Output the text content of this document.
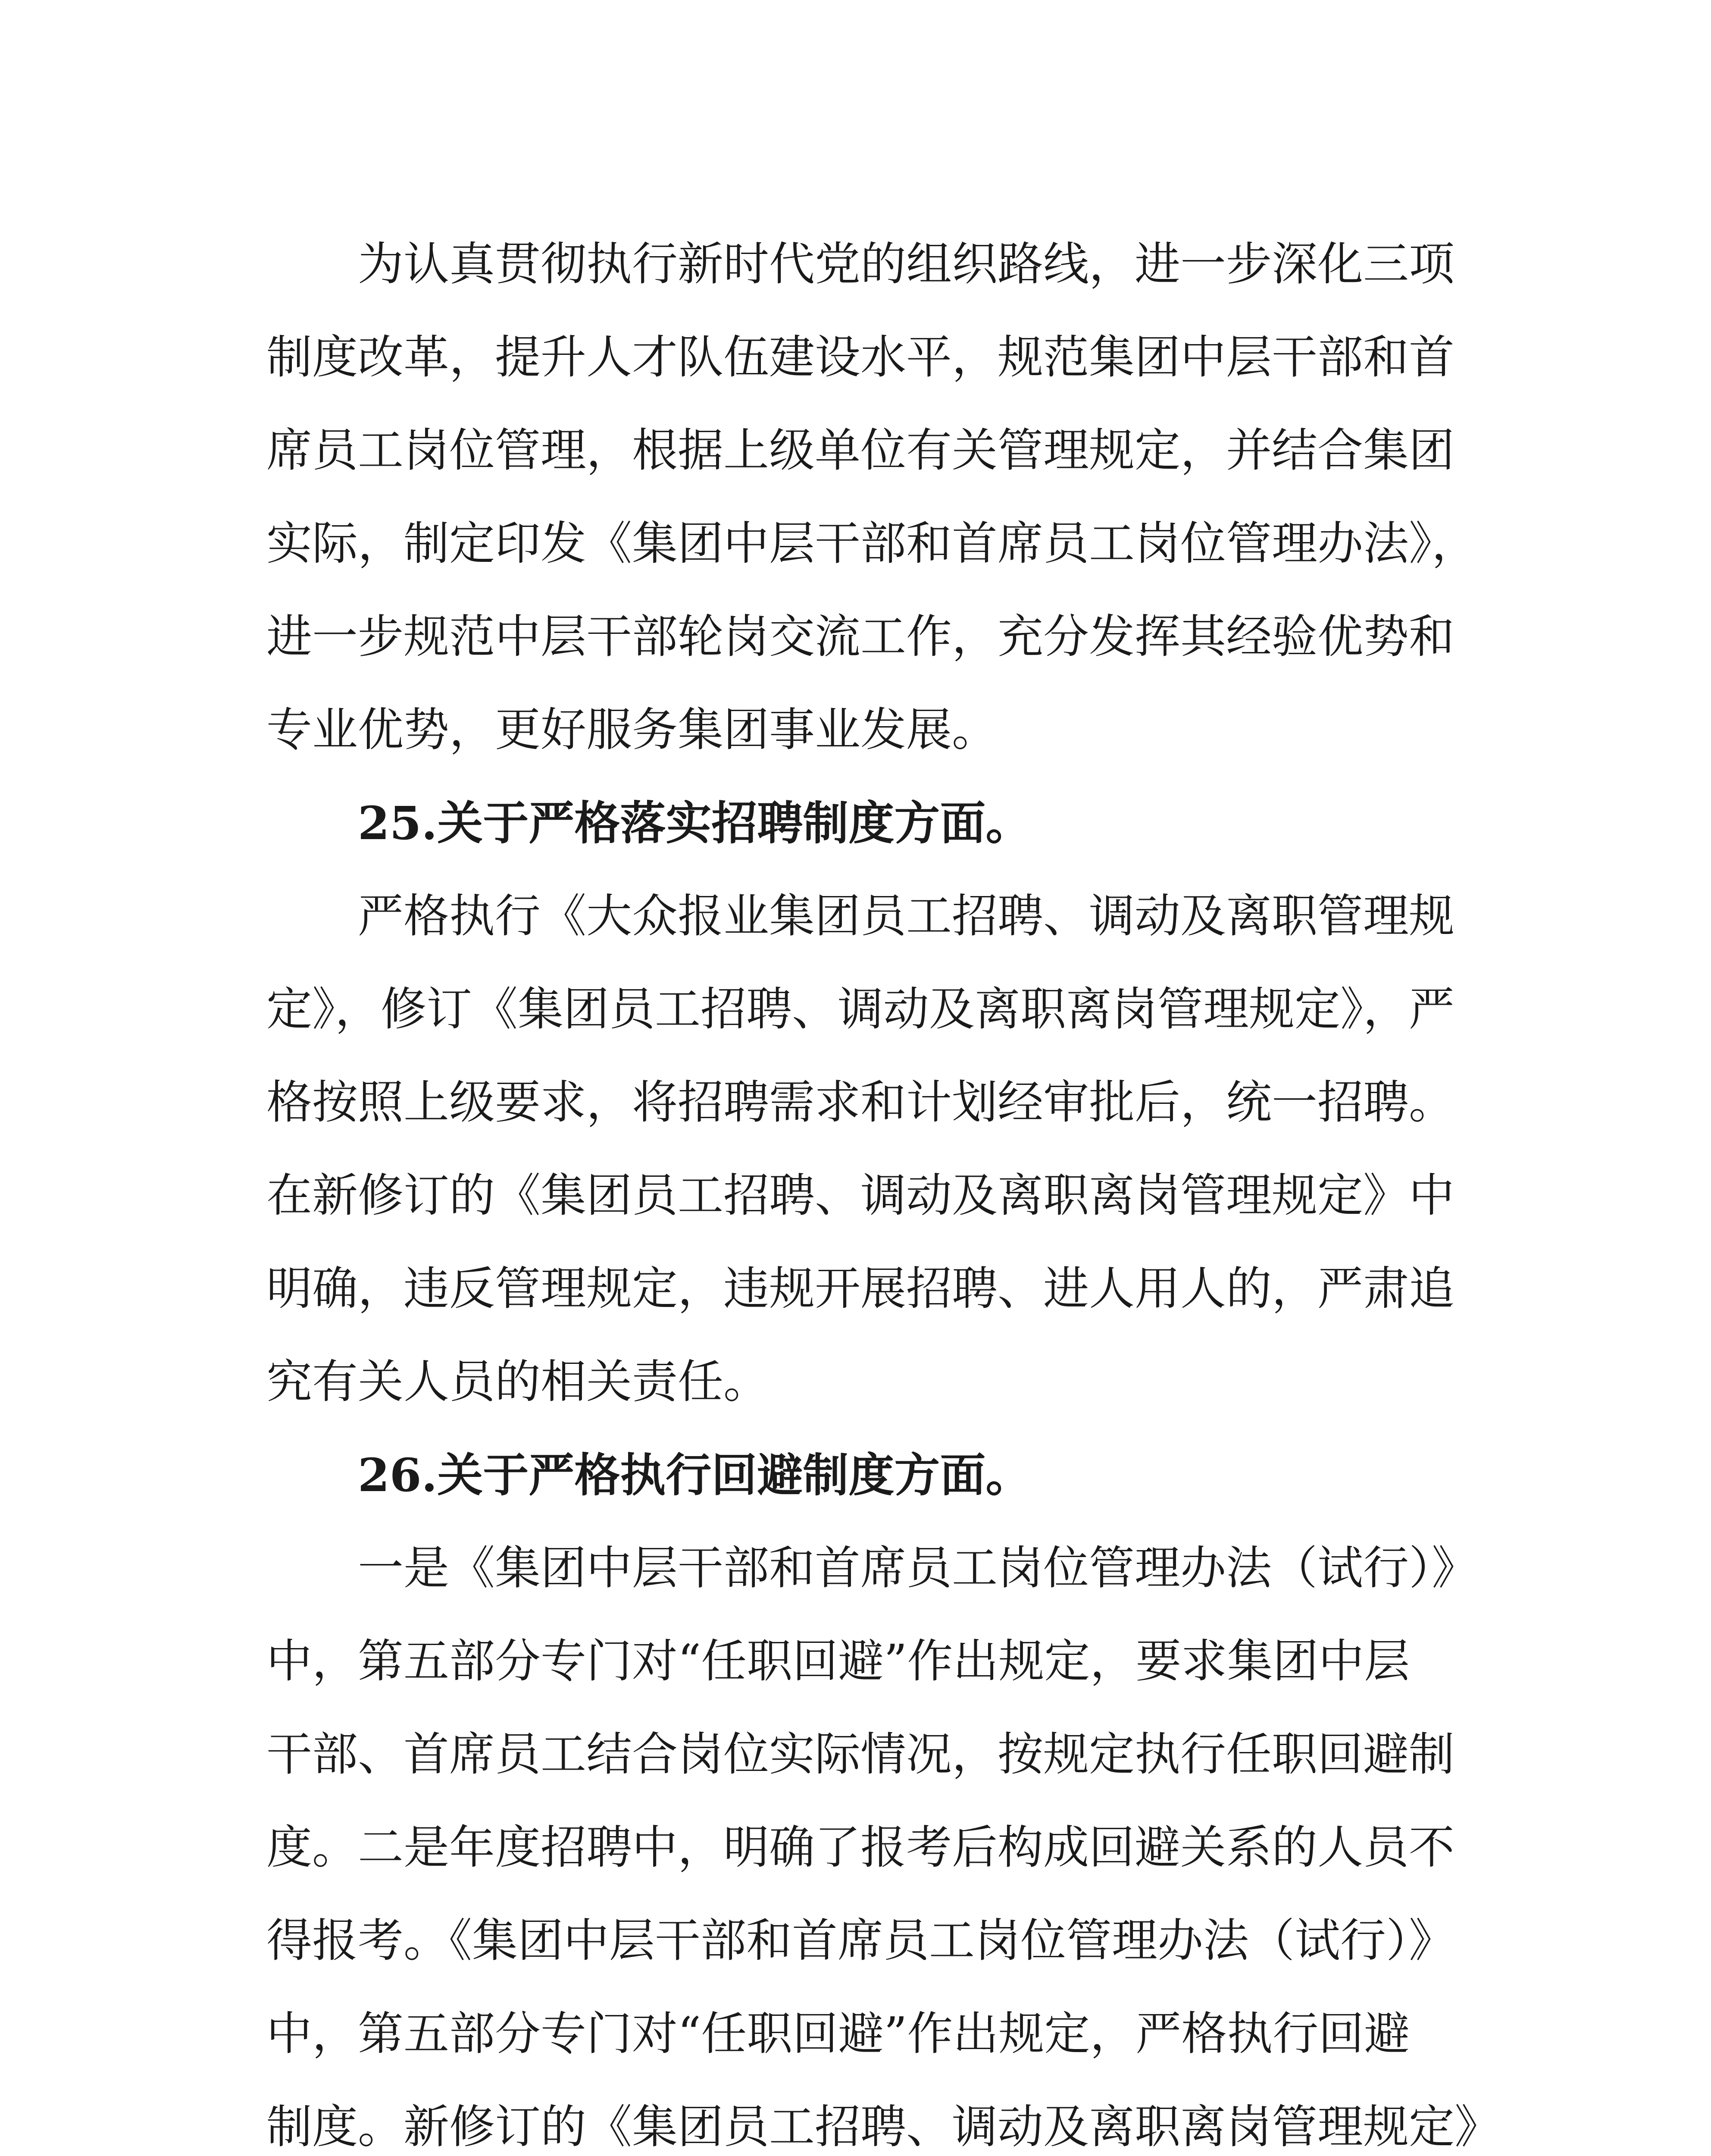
为认真贯彻执行新时代党的组织路线，进一步深化三项
制度改革，提升人才队伍建设水平，规范集团中层干部和首
席员工岗位管理，根据上级单位有关管理规定，并结合集团
实际，制定印发《集团中层干部和首席员工岗位管理办法》，
进一步规范中层干部轮岗交流工作，充分发挥其经验优势和
专业优势，更好服务集团事业发展。
25.关于严格落实招聘制度方面。
严格执行《大众报业集团员工招聘、调动及离职管理规
定》，修订《集团员工招聘、调动及离职离岗管理规定》，严
格按照上级要求，将招聘需求和计划经审批后，统一招聘。
在新修订的《集团员工招聘、调动及离职离岗管理规定》中
明确，违反管理规定，违规开展招聘、进人用人的，严肃追
究有关人员的相关责任。
26.关于严格执行回避制度方面。
一是《集团中层干部和首席员工岗位管理办法（试行）》
中，第五部分专门对“任职回避”作出规定，要求集团中层
干部、首席员工结合岗位实际情况，按规定执行任职回避制
度。二是年度招聘中，明确了报考后构成回避关系的人员不
得报考。《集团中层干部和首席员工岗位管理办法（试行）》
中，第五部分专门对“任职回避”作出规定，严格执行回避
制度。新修订的《集团员工招聘、调动及离职离岗管理规定》
